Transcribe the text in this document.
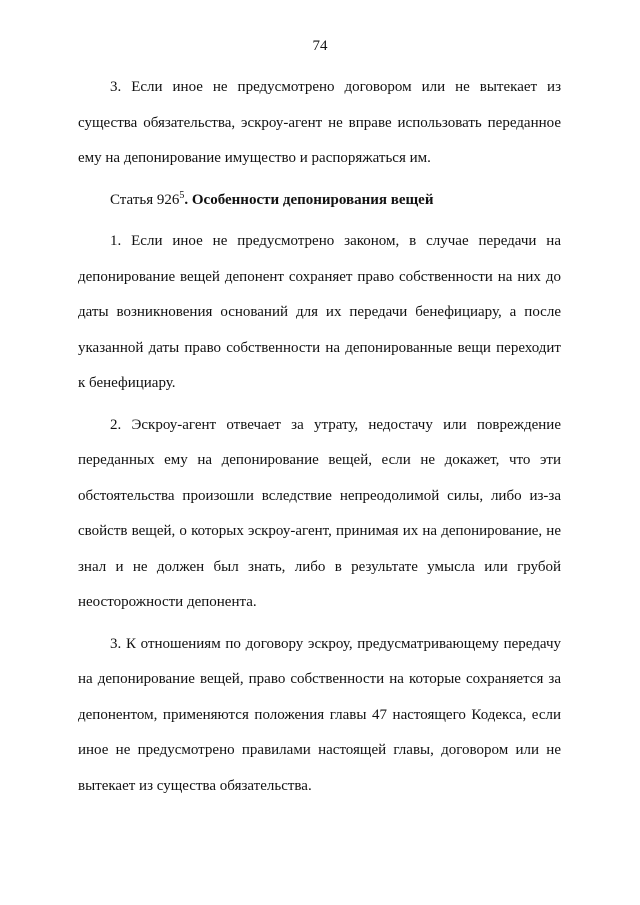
74

3. Если иное не предусмотрено договором или не вытекает из существа обязательства, эскроу-агент не вправе использовать переданное ему на депонирование имущество и распоряжаться им.

Статья $926^5$. Особенности депонирования вещей

1. Если иное не предусмотрено законом, в случае передачи на депонирование вещей депонент сохраняет право собственности на них до даты возникновения оснований для их передачи бенефициару, а после указанной даты право собственности на депонированные вещи переходит к бенефициару.

2. Эскроу-агент отвечает за утрату, недостачу или повреждение переданных ему на депонирование вещей, если не докажет, что эти обстоятельства произошли вследствие непреодолимой силы, либо из-за свойств вещей, о которых эскроу-агент, принимая их на депонирование, не знал и не должен был знать, либо в результате умысла или грубой неосторожности депонента.

3. К отношениям по договору эскроу, предусматривающему передачу на депонирование вещей, право собственности на которые сохраняется за депонентом, применяются положения главы 47 настоящего Кодекса, если иное не предусмотрено правилами настоящей главы, договором или не вытекает из существа обязательства.
